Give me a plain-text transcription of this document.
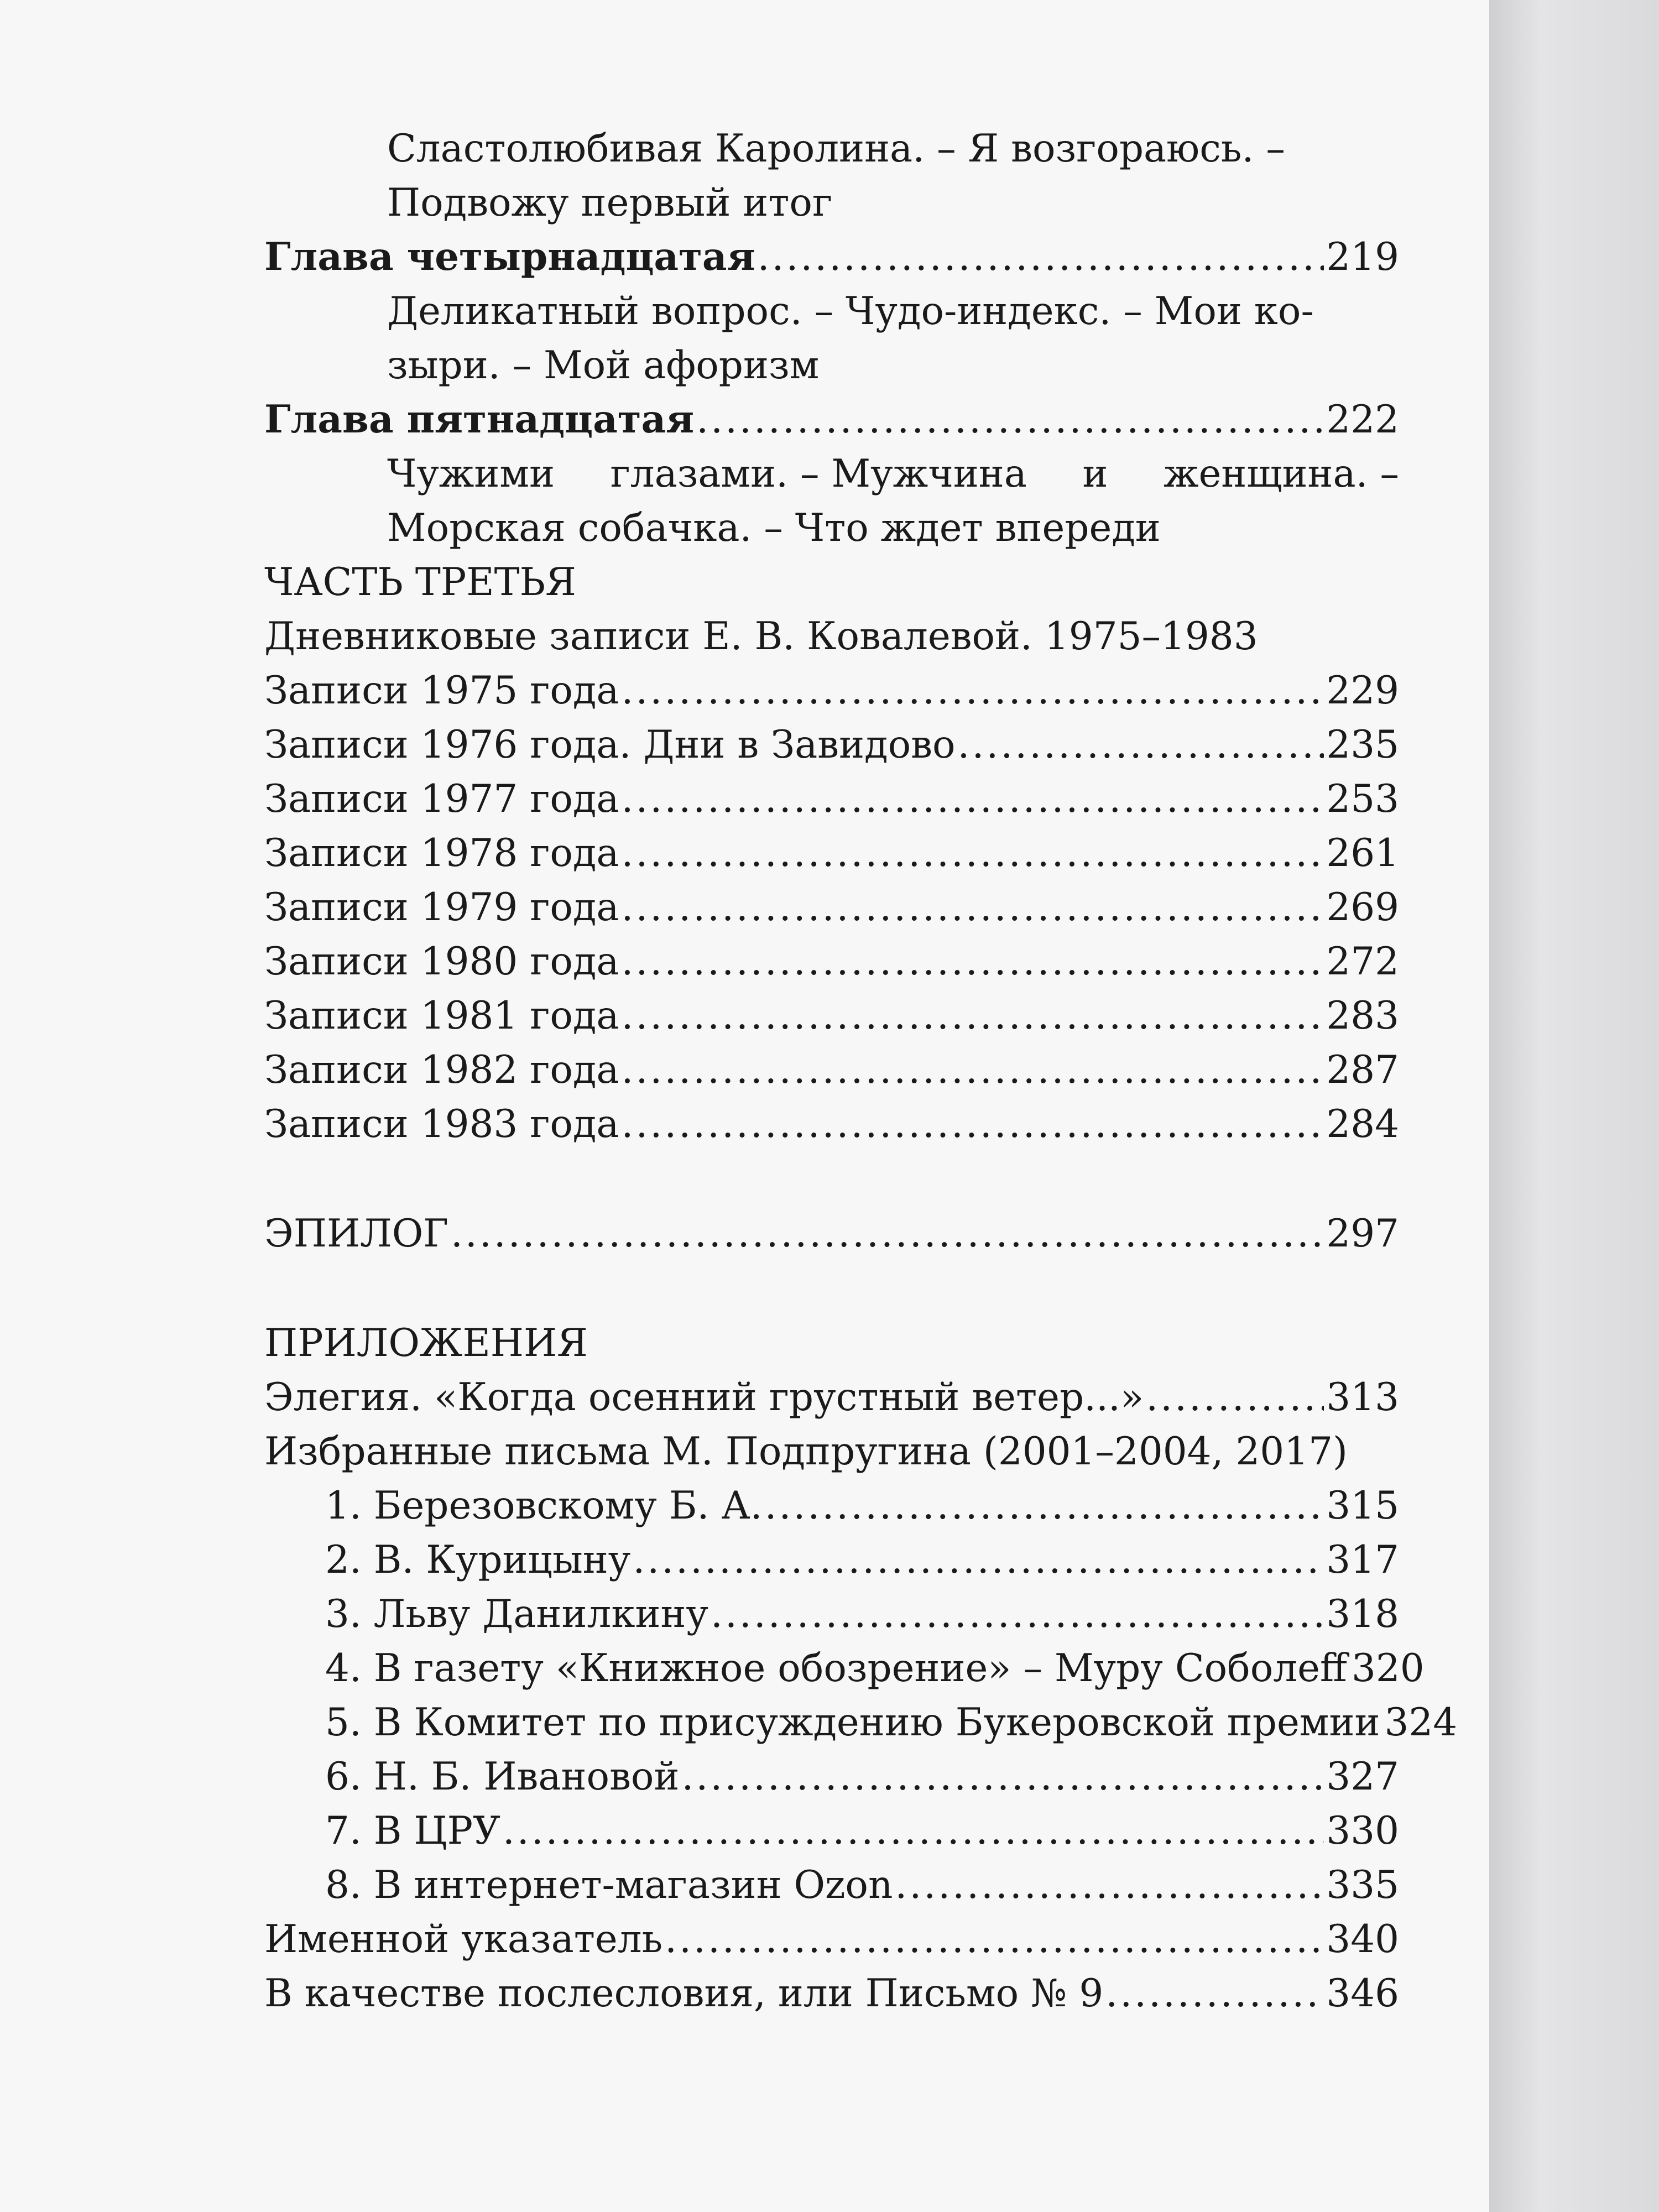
Сластолюбивая Каролина. – Я возгораюсь. –
Подвожу первый итог
Глава четырнадцатая .....	219
Деликатный вопрос. – Чудо-индекс. – Мои ко-
зыри. – Мой афоризм
Глава пятнадцатая .....	222
Чужими глазами. – Мужчина и женщина. –
Морская собачка. – Что ждет впереди
ЧАСТЬ ТРЕТЬЯ
Дневниковые записи Е. В. Ковалевой. 1975–1983
Записи 1975 года .....	229
Записи 1976 года. Дни в Завидово .....	235
Записи 1977 года .....	253
Записи 1978 года .....	261
Записи 1979 года .....	269
Записи 1980 года .....	272
Записи 1981 года .....	283
Записи 1982 года .....	287
Записи 1983 года .....	284
ЭПИЛОГ .....	297
ПРИЛОЖЕНИЯ
Элегия. «Когда осенний грустный ветер...» .....	313
Избранные письма М. Подпругина (2001–2004, 2017)
1. Березовскому Б. А. .....	315
2. В. Курицыну .....	317
3. Льву Данилкину .....	318
4. В газету «Книжное обозрение» – Муру Соболеff 320
5. В Комитет по присуждению Букеровской премии 324
6. Н. Б. Ивановой .....	327
7. В ЦРУ .....	330
8. В интернет-магазин Ozon .....	335
Именной указатель .....	340
В качестве послесловия, или Письмо № 9 .....	346
